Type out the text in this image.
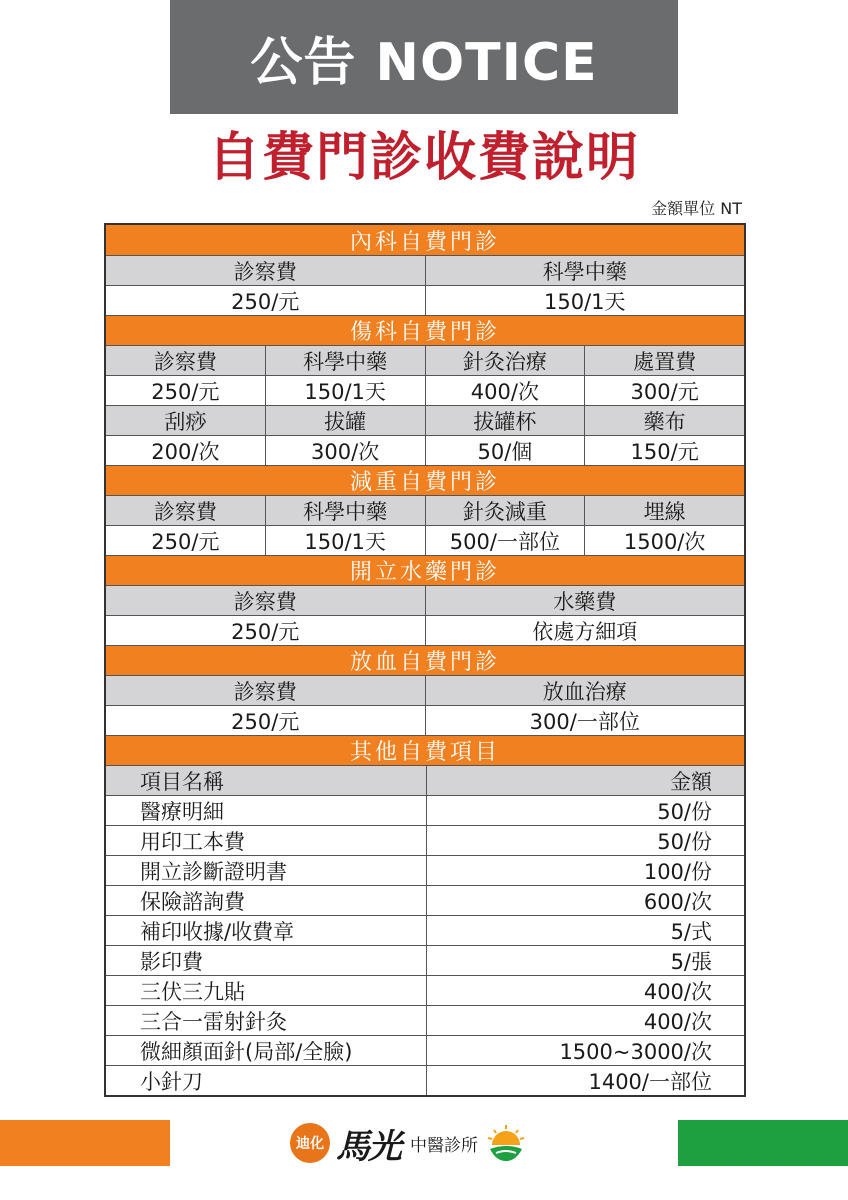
公告 NOTICE
自費門診收費說明
金額單位 NT
內科自費門診
診察費	科學中藥
250/元	150/1天
傷科自費門診
診察費	科學中藥	針灸治療	處置費
250/元	150/1天	400/次	300/元
刮痧	拔罐	拔罐杯	藥布
200/次	300/次	50/個	150/元
減重自費門診
診察費	科學中藥	針灸減重	埋線
250/元	150/1天	500/一部位	1500/次
開立水藥門診
診察費	水藥費
250/元	依處方細項
放血自費門診
診察費	放血治療
250/元	300/一部位
其他自費項目
項目名稱	金額
醫療明細	50/份
用印工本費	50/份
開立診斷證明書	100/份
保險諮詢費	600/次
補印收據/收費章	5/式
影印費	5/張
三伏三九貼	400/次
三合一雷射針灸	400/次
微細顏面針(局部/全臉)	1500~3000/次
小針刀	1400/一部位
迪化 馬光 中醫診所
